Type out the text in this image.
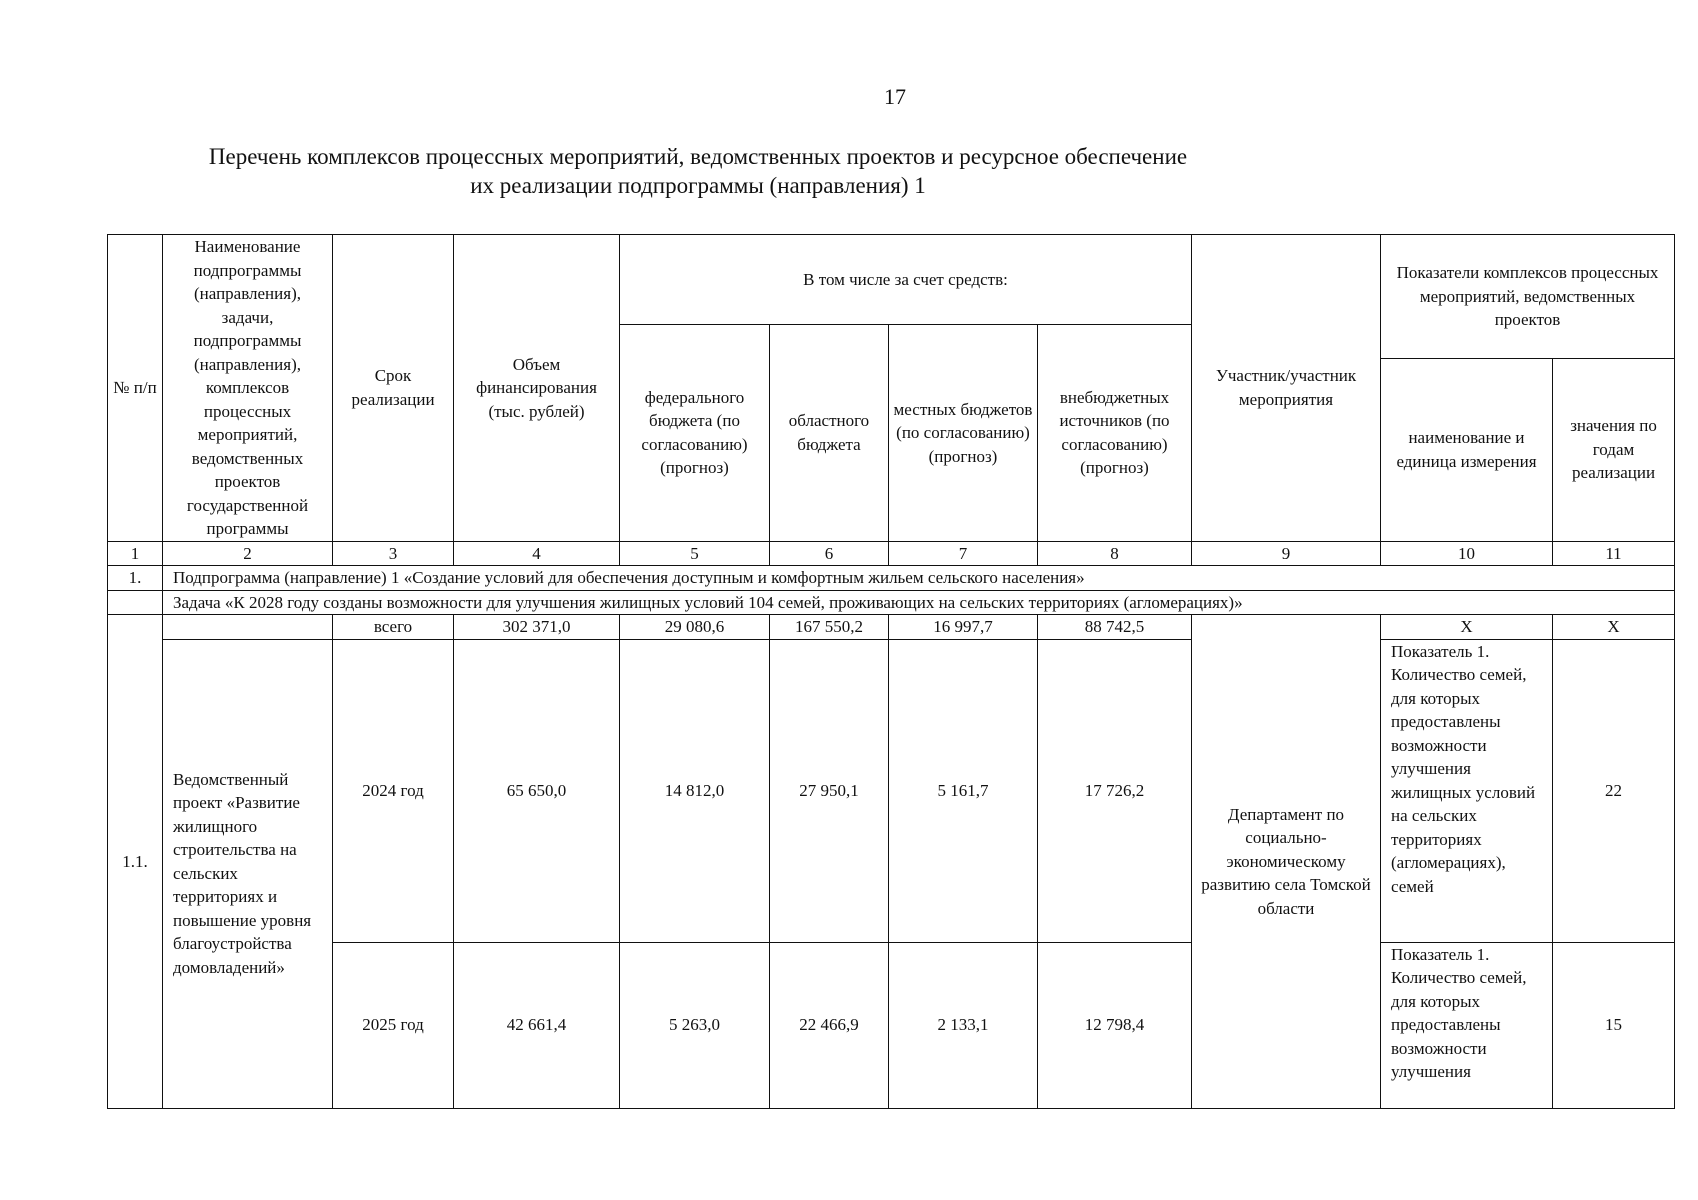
17
Перечень комплексов процессных мероприятий, ведомственных проектов и ресурсное обеспечение
их реализации подпрограммы (направления) 1
№ п/п	Наименование подпрограммы (направления), задачи, подпрограммы (направления), комплексов процессных мероприятий, ведомственных проектов государственной программы	Срок реализации	Объем финансирования (тыс. рублей)	В том числе за счет средств:				Участник/участник мероприятия	Показатели комплексов процессных мероприятий, ведомственных проектов	
				федерального бюджета (по согласованию) (прогноз)	областного бюджета	местных бюджетов (по согласованию) (прогноз)	внебюджетных источников (по согласованию) (прогноз)			
									наименование и единица измерения	значения по годам реализации
1	2	3	4	5	6	7	8	9	10	11
1.	Подпрограмма (направление) 1 «Создание условий для обеспечения доступным и комфортным жильем сельского населения»									
	Задача «К 2028 году созданы возможности для улучшения жилищных условий 104 семей, проживающих на сельских территориях (агломерациях)»									
1.1.		всего	302 371,0	29 080,6	167 550,2	16 997,7	88 742,5	Департамент по социально-экономическому развитию села Томской области	Х	Х
	Ведомственный проект «Развитие жилищного строительства на сельских территориях и повышение уровня благоустройства домовладений»	2024 год	65 650,0	14 812,0	27 950,1	5 161,7	17 726,2		Показатель 1. Количество семей, для которых предоставлены возможности улучшения жилищных условий на сельских территориях (агломерациях), семей	22

		2025 год	42 661,4	5 263,0	22 466,9	2 133,1	12 798,4		Показатель 1. Количество семей, для которых предоставлены возможности улучшения	15
